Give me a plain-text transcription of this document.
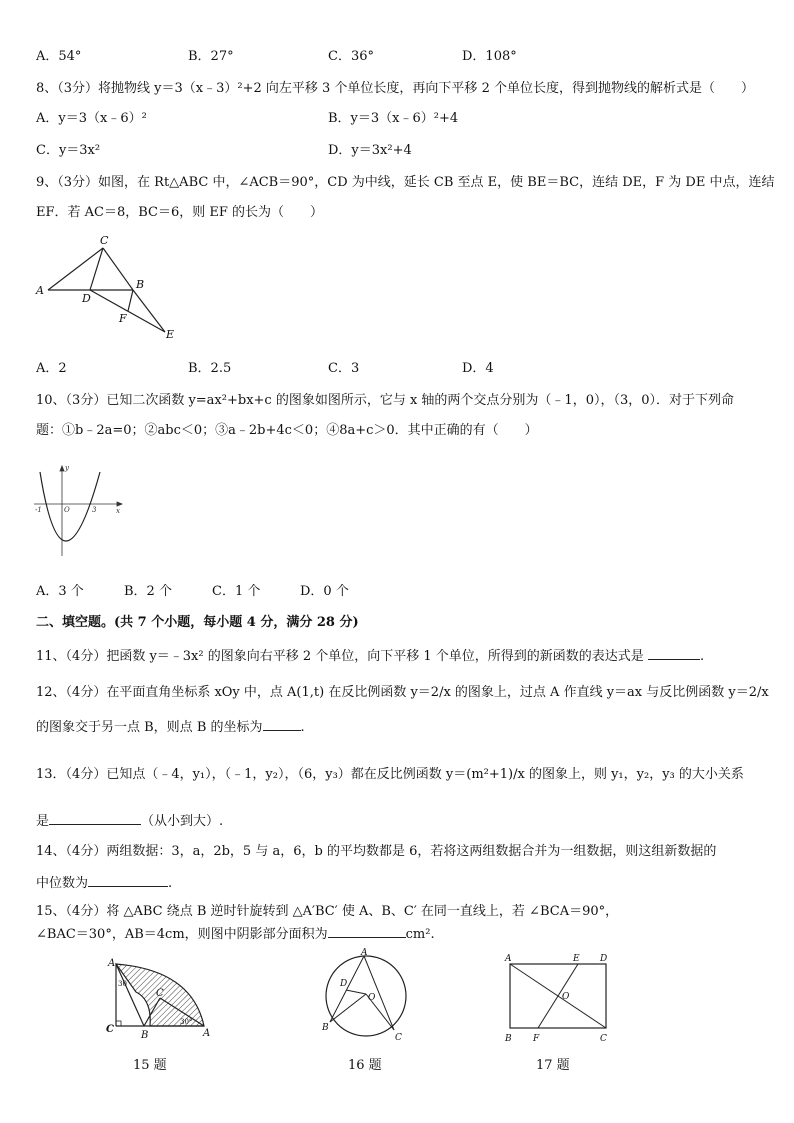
A．54°	B．27°	C．36°	D．108°
8、（3分）将抛物线 y＝3（x﹣3）²+2 向左平移 3 个单位长度，再向下平移 2 个单位长度，得到抛物线的解析式是（　　）
A．y＝3（x﹣6）²	B．y＝3（x﹣6）²+4
C．y＝3x²	D．y＝3x²+4
9、（3分）如图，在 Rt△ABC 中，∠ACB＝90°，CD 为中线，延长 CB 至点 E，使 BE＝BC，连结 DE，F 为 DE 中点，连结
EF．若 AC＝8，BC＝6，则 EF 的长为（　　）
C
A	B
D
F
E
A．2	B．2.5	C．3	D．4
10、（3分）已知二次函数 y=ax²+bx+c 的图象如图所示，它与 x 轴的两个交点分别为（﹣1，0），（3，0）．对于下列命
题：①b﹣2a=0；②abc＜0；③a﹣2b+4c＜0；④8a+c＞0．其中正确的有（　　）
y
x
O
-1	3
A．3 个	B．2 个	C．1 个	D．0 个
二、填空题。(共 7 个小题，每小题 4 分，满分 28 分)
11、（4分）把函数 y＝﹣3x² 的图象向右平移 2 个单位，向下平移 1 个单位，所得到的新函数的表达式是	.
12、（4分）在平面直角坐标系 xOy 中，点 A(1,t) 在反比例函数 y＝2/x 的图象上，过点 A 作直线 y＝ax 与反比例函数 y＝2/x
的图象交于另一点 B，则点 B 的坐标为	.
13．（4分）已知点（﹣4，y₁），（﹣1，y₂），（6，y₃）都在反比例函数 y＝(m²+1)/x 的图象上，则 y₁，y₂，y₃ 的大小关系
是	（从小到大）.
14、（4分）两组数据：3，a，2b，5 与 a，6，b 的平均数都是 6，若将这两组数据合并为一组数据，则这组新数据的
中位数为	.
15、（4分）将 △ABC 绕点 B 逆时针旋转到 △A′BC′ 使 A、B、C′ 在同一直线上，若 ∠BCA＝90°，
∠BAC＝30°，AB＝4cm，则图中阴影部分面积为	cm².
A
C
B
C
A
30
30°
15 题
A
B
C
D
O
16 题
A	E D
O
B F	C
17 题
